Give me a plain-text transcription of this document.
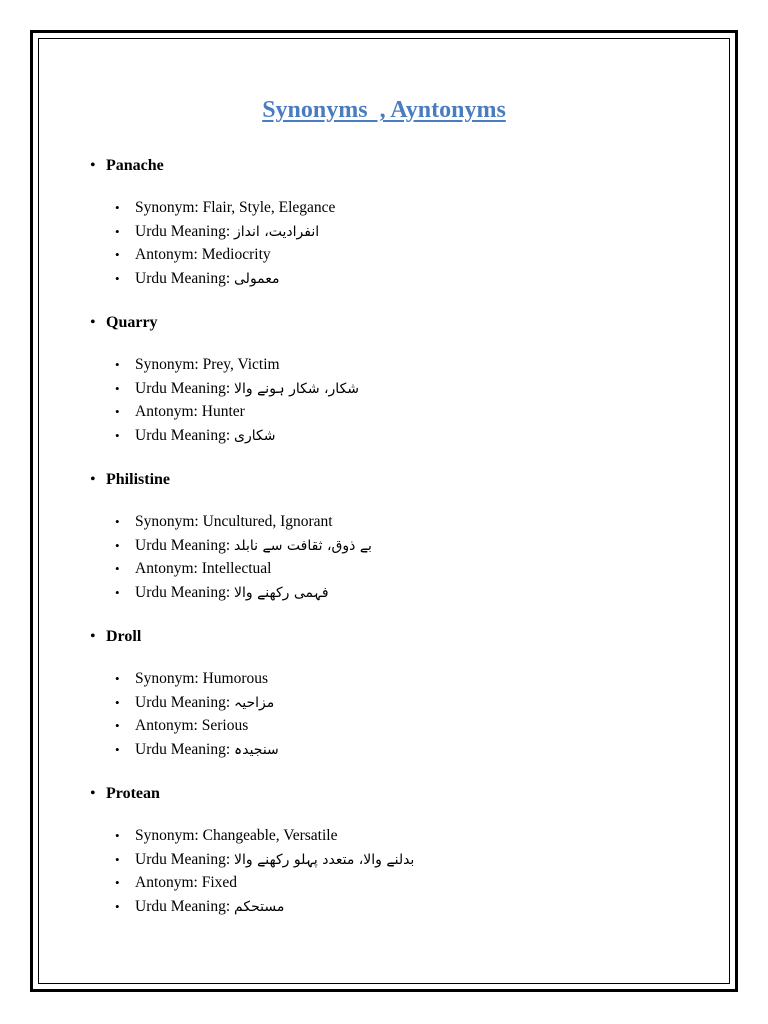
Synonyms  , Ayntonyms
• Panache
• Synonym: Flair, Style, Elegance
• Urdu Meaning: انفرادیت، انداز
• Antonym: Mediocrity
• Urdu Meaning: معمولی
• Quarry
• Synonym: Prey, Victim
• Urdu Meaning: شکار، شکار ہونے والا
• Antonym: Hunter
• Urdu Meaning: شکاری
• Philistine
• Synonym: Uncultured, Ignorant
• Urdu Meaning: بے ذوق، ثقافت سے نابلد
• Antonym: Intellectual
• Urdu Meaning: فہمی رکھنے والا
• Droll
• Synonym: Humorous
• Urdu Meaning: مزاحیہ
• Antonym: Serious
• Urdu Meaning: سنجیدہ
• Protean
• Synonym: Changeable, Versatile
• Urdu Meaning: بدلنے والا، متعدد پہلو رکھنے والا
• Antonym: Fixed
• Urdu Meaning: مستحکم
